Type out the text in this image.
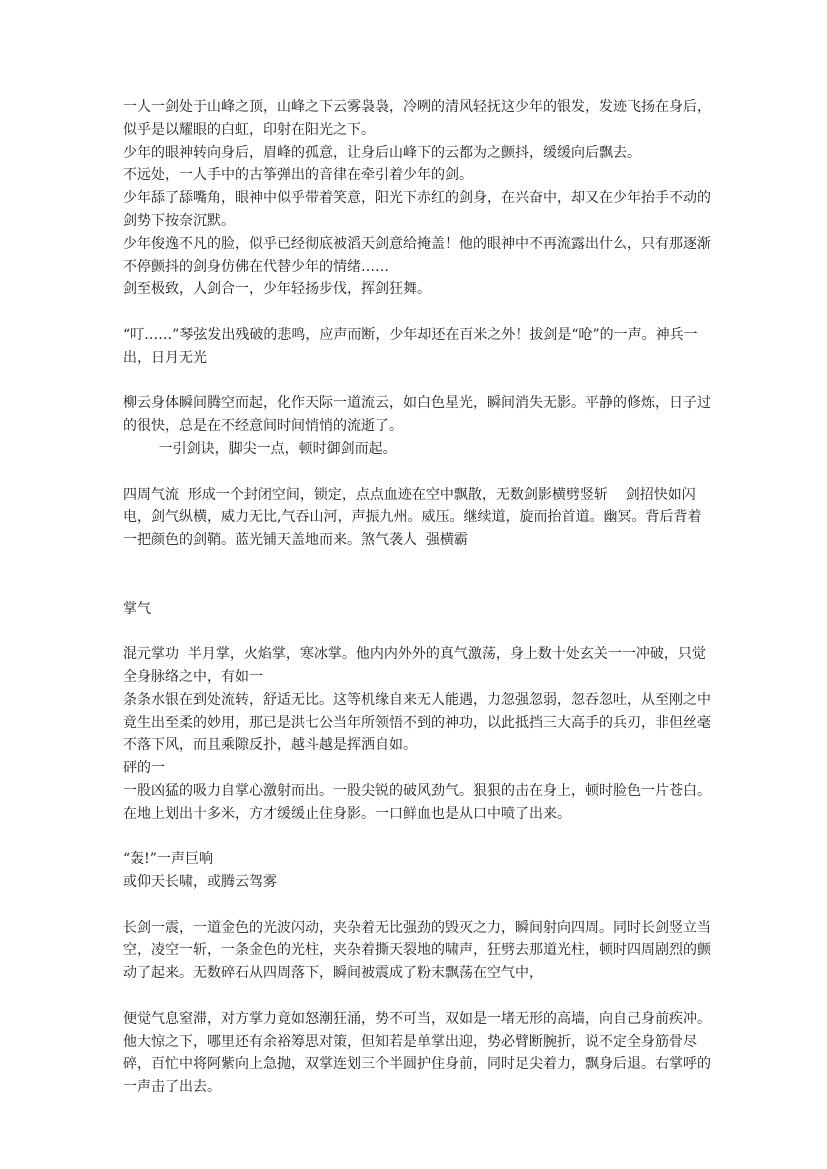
一人一剑处于山峰之顶，山峰之下云雾袅袅，冷咧的清风轻抚这少年的银发，发迹飞扬在身后，似乎是以耀眼的白虹，印射在阳光之下。

少年的眼神转向身后，眉峰的孤意，让身后山峰下的云都为之颤抖，缓缓向后飘去。

不远处，一人手中的古筝弹出的音律在牵引着少年的剑。

少年舔了舔嘴角，眼神中似乎带着笑意，阳光下赤红的剑身，在兴奋中，却又在少年抬手不动的剑势下按奈沉默。

少年俊逸不凡的脸，似乎已经彻底被滔天剑意给掩盖！他的眼神中不再流露出什么，只有那逐渐不停颤抖的剑身仿佛在代替少年的情绪……

剑至极致，人剑合一，少年轻扬步伐，挥剑狂舞。

“叮……”琴弦发出残破的悲鸣，应声而断，少年却还在百米之外！拔剑是“呛”的一声。神兵一出，日月无光

柳云身体瞬间腾空而起，化作天际一道流云，如白色星光，瞬间消失无影。平静的修炼，日子过的很快，总是在不经意间时间悄悄的流逝了。

一引剑诀，脚尖一点，顿时御剑而起。

四周气流  形成一个封闭空间，锁定，点点血迹在空中飘散，无数剑影横劈竖斩    剑招快如闪电，剑气纵横，威力无比,气吞山河，声振九州。威压。继续道，旋而抬首道。幽冥。背后背着一把颜色的剑鞘。蓝光铺天盖地而来。煞气袭人  强横霸

掌气

混元掌功  半月掌，火焰掌，寒冰掌。他内内外外的真气激荡，身上数十处玄关一一冲破，只觉全身脉络之中，有如一

条条水银在到处流转，舒适无比。这等机缘自来无人能遇，力忽强忽弱，忽吞忽吐，从至刚之中竟生出至柔的妙用，那已是洪七公当年所领悟不到的神功，以此抵挡三大高手的兵刃，非但丝毫不落下风，而且乘隙反扑，越斗越是挥洒自如。

砰的一

一股凶猛的吸力自掌心激射而出。一股尖锐的破风劲气。狠狠的击在身上，顿时脸色一片苍白。在地上划出十多米，方才缓缓止住身影。一口鲜血也是从口中喷了出来。

“轰!”一声巨响

或仰天长啸，或腾云驾雾

长剑一震，一道金色的光波闪动，夹杂着无比强劲的毁灭之力，瞬间射向四周。同时长剑竖立当空，凌空一斩，一条金色的光柱，夹杂着撕天裂地的啸声，狂劈去那道光柱，顿时四周剧烈的颤动了起来。无数碎石从四周落下，瞬间被震成了粉末飘荡在空气中，

便觉气息窒滞，对方掌力竟如怒潮狂涌，势不可当，双如是一堵无形的高墙，向自己身前疾冲。他大惊之下，哪里还有余裕筹思对策，但知若是单掌出迎，势必臂断腕折，说不定全身筋骨尽碎，百忙中将阿紫向上急抛，双掌连划三个半圆护住身前，同时足尖着力，飘身后退。右掌呼的一声击了出去。
